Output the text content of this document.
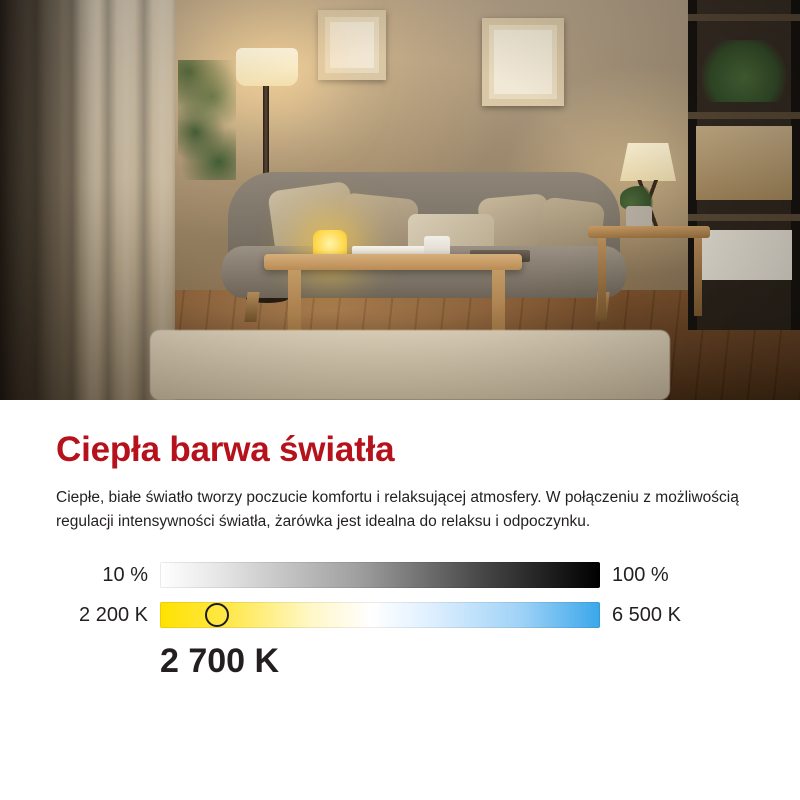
Ciepła barwa światła

Ciepłe, białe światło tworzy poczucie komfortu i relaksującej atmosfery. W połączeniu z możliwością regulacji intensywności światła, żarówka jest idealna do relaksu i odpoczynku.

10 %	100 %
2 200 K	6 500 K
2 700 K
